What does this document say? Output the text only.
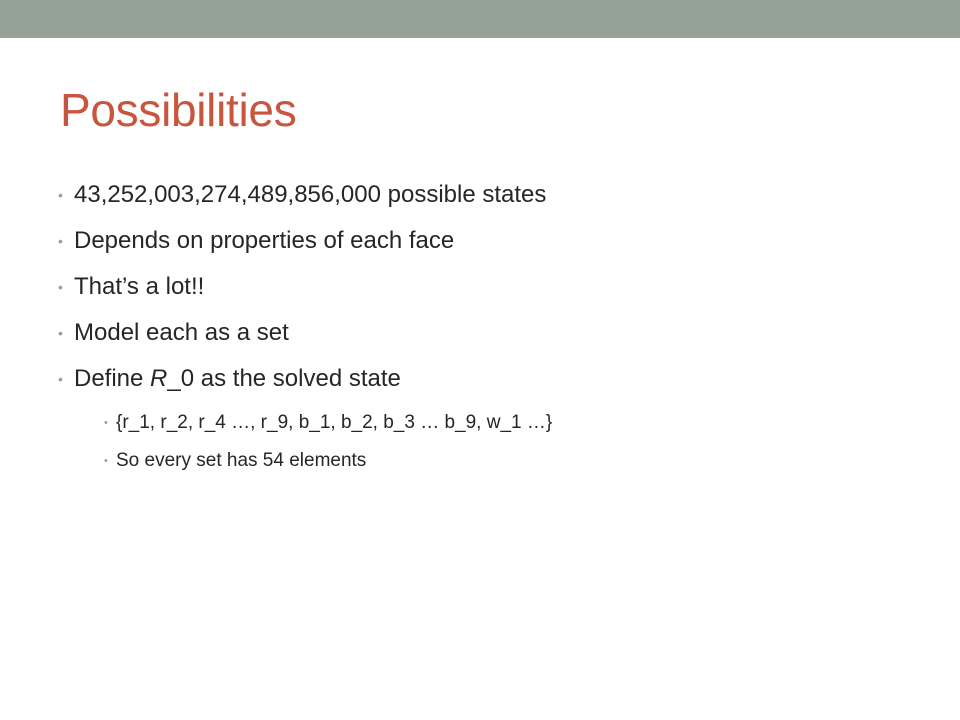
Possibilities
• 43,252,003,274,489,856,000 possible states
• Depends on properties of each face
• That’s a lot!!
• Model each as a set
• Define R_0 as the solved state
• {r_1, r_2, r_4 …, r_9, b_1, b_2, b_3 … b_9, w_1 …}
• So every set has 54 elements
